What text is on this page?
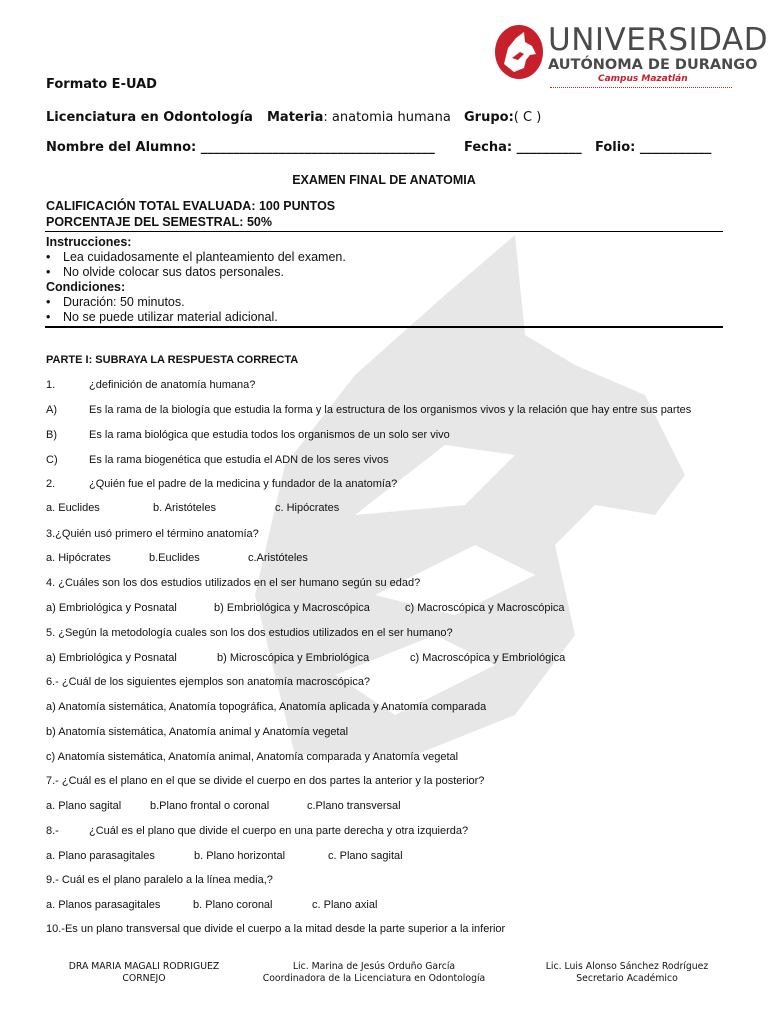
UNIVERSIDAD
AUTÓNOMA DE DURANGO
Campus Mazatlán
Formato E-UAD
Licenciatura en Odontología Materia: anatomia humana Grupo:( C )
Nombre del Alumno: ____________________________________ Fecha: __________ Folio: ___________
EXAMEN FINAL DE ANATOMIA
CALIFICACIÓN TOTAL EVALUADA: 100 PUNTOS
PORCENTAJE DEL SEMESTRAL: 50%
Instrucciones:
• Lea cuidadosamente el planteamiento del examen.
• No olvide colocar sus datos personales.
Condiciones:
• Duración: 50 minutos.
• No se puede utilizar material adicional.
PARTE I: SUBRAYA LA RESPUESTA CORRECTA
1.	¿definición de anatomía humana?
A)	Es la rama de la biología que estudia la forma y la estructura de los organismos vivos y la relación que hay entre sus partes
B)	Es la rama biológica que estudia todos los organismos de un solo ser vivo
C)	Es la rama biogenética que estudia el ADN de los seres vivos
2.	¿Quién fue el padre de la medicina y fundador de la anatomía?
a. Euclides	b. Aristóteles	c. Hipócrates
3.¿Quién usó primero el término anatomía?
a. Hipócrates	b.Euclides	c.Aristóteles
4. ¿Cuáles son los dos estudios utilizados en el ser humano según su edad?
a) Embriológica y Posnatal	b) Embriológica y Macroscópica	c) Macroscópica y Macroscópica
5. ¿Según la metodología cuales son los dos estudios utilizados en el ser humano?
a) Embriológica y Posnatal	b) Microscópica y Embriológica	c) Macroscópica y Embriológica
6.- ¿Cuál de los siguientes ejemplos son anatomía macroscópica?
a) Anatomía sistemática, Anatomía topográfica, Anatomía aplicada y Anatomía comparada
b) Anatomía sistemática, Anatomía animal y Anatomía vegetal
c) Anatomía sistemática, Anatomía animal, Anatomía comparada y Anatomía vegetal
7.- ¿Cuál es el plano en el que se divide el cuerpo en dos partes la anterior y la posterior?
a. Plano sagital	b.Plano frontal o coronal	c.Plano transversal
8.-	¿Cuál es el plano que divide el cuerpo en una parte derecha y otra izquierda?
a. Plano parasagitales	b. Plano horizontal	c. Plano sagital
9.- Cuál es el plano paralelo a la línea media,?
a. Planos parasagitales	b. Plano coronal	c. Plano axial
10.-Es un plano transversal que divide el cuerpo a la mitad desde la parte superior a la inferior
DRA MARIA MAGALI RODRIGUEZ
CORNEJO
Lic. Marina de Jesús Orduño García
Coordinadora de la Licenciatura en Odontología
Lic. Luis Alonso Sánchez Rodríguez
Secretario Académico
